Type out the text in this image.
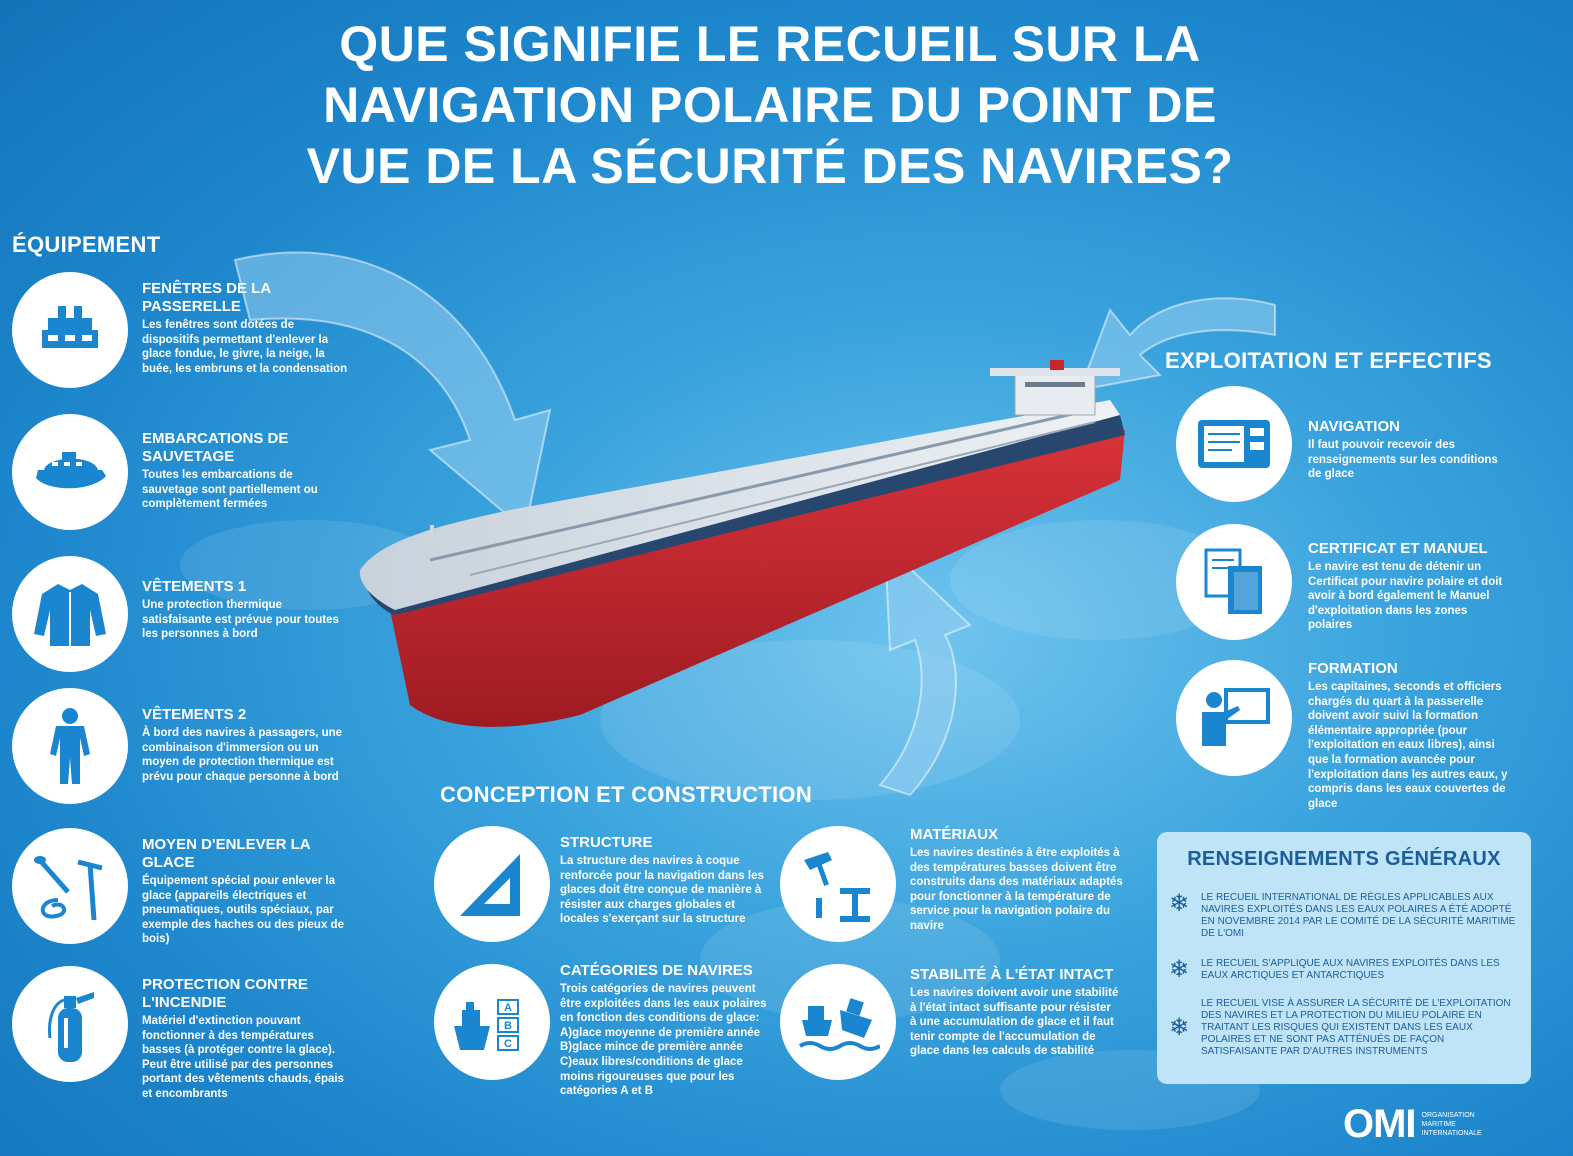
QUE SIGNIFIE LE RECUEIL SUR LA
NAVIGATION POLAIRE DU POINT DE
VUE DE LA SÉCURITÉ DES NAVIRES?
ÉQUIPEMENT
FENÊTRES DE LA PASSERELLE
Les fenêtres sont dotées de dispositifs permettant d'enlever la glace fondue, le givre, la neige, la buée, les embruns et la condensation
EMBARCATIONS DE SAUVETAGE
Toutes les embarcations de sauvetage sont partiellement ou complètement fermées
VÊTEMENTS 1
Une protection thermique satisfaisante est prévue pour toutes les personnes à bord
VÊTEMENTS 2
À bord des navires à passagers, une combinaison d'immersion ou un moyen de protection thermique est prévu pour chaque personne à bord
MOYEN D'ENLEVER LA GLACE
Équipement spécial pour enlever la glace (appareils électriques et pneumatiques, outils spéciaux, par exemple des haches ou des pieux de bois)
PROTECTION CONTRE L'INCENDIE
Matériel d'extinction pouvant fonctionner à des températures basses (à protéger contre la glace). Peut être utilisé par des personnes portant des vêtements chauds, épais et encombrants
CONCEPTION ET CONSTRUCTION
STRUCTURE
La structure des navires à coque renforcée pour la navigation dans les glaces doit être conçue de manière à résister aux charges globales et locales s'exerçant sur la structure
A
B
C
CATÉGORIES DE NAVIRES
Trois catégories de navires peuvent être exploitées dans les eaux polaires en fonction des conditions de glace: A)glace moyenne de première année B)glace mince de première année C)eaux libres/conditions de glace moins rigoureuses que pour les catégories A et B
MATÉRIAUX
Les navires destinés à être exploités à des températures basses doivent être construits dans des matériaux adaptés pour fonctionner à la température de service pour la navigation polaire du navire
STABILITÉ À L'ÉTAT INTACT
Les navires doivent avoir une stabilité à l'état intact suffisante pour résister à une accumulation de glace et il faut tenir compte de l'accumulation de glace dans les calculs de stabilité
EXPLOITATION ET EFFECTIFS
NAVIGATION
Il faut pouvoir recevoir des renseignements sur les conditions de glace
CERTIFICAT ET MANUEL
Le navire est tenu de détenir un Certificat pour navire polaire et doit avoir à bord également le Manuel d'exploitation dans les zones polaires
FORMATION
Les capitaines, seconds et officiers chargés du quart à la passerelle doivent avoir suivi la formation élémentaire appropriée (pour l'exploitation en eaux libres), ainsi que la formation avancée pour l'exploitation dans les autres eaux, y compris dans les eaux couvertes de glace
RENSEIGNEMENTS GÉNÉRAUX
❄	LE RECUEIL INTERNATIONAL DE RÈGLES APPLICABLES AUX NAVIRES EXPLOITÉS DANS LES EAUX POLAIRES A ÉTÉ ADOPTÉ EN NOVEMBRE 2014 PAR LE COMITÉ DE LA SÉCURITÉ MARITIME DE L'OMI
❄	LE RECUEIL S'APPLIQUE AUX NAVIRES EXPLOITÉS DANS LES EAUX ARCTIQUES ET ANTARCTIQUES
❄
LE RECUEIL VISE À ASSURER LA SÉCURITÉ DE L'EXPLOITATION DES NAVIRES ET LA PROTECTION DU MILIEU POLAIRE EN TRAITANT LES RISQUES QUI EXISTENT DANS LES EAUX POLAIRES ET NE SONT PAS ATTÉNUÉS DE FAÇON SATISFAISANTE PAR D'AUTRES INSTRUMENTS
OMI ORGANISATION
MARITIME
INTERNATIONALE
